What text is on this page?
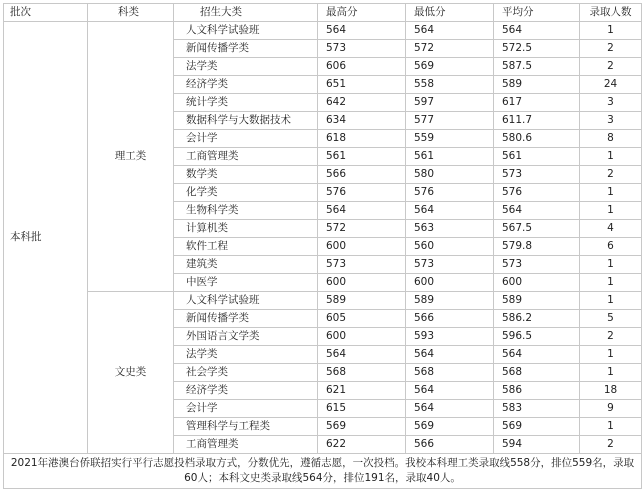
批次	科类	招生大类	最高分	最低分	平均分	录取人数
本科批	理工类	人文科学试验班	564	564	564	1
		新闻传播学类	573	572	572.5	2
		法学类	606	569	587.5	2
		经济学类	651	558	589	24
		统计学类	642	597	617	3
		数据科学与大数据技术	634	577	611.7	3
		会计学	618	559	580.6	8
		工商管理类	561	561	561	1
		数学类	566	580	573	2
		化学类	576	576	576	1
		生物科学类	564	564	564	1
		计算机类	572	563	567.5	4
		软件工程	600	560	579.8	6
		建筑类	573	573	573	1
		中医学	600	600	600	1
	文史类	人文科学试验班	589	589	589	1
		新闻传播学类	605	566	586.2	5
		外国语言文学类	600	593	596.5	2
		法学类	564	564	564	1
		社会学类	568	568	568	1
		经济学类	621	564	586	18
		会计学	615	564	583	9
		管理科学与工程类	569	569	569	1
		工商管理类	622	566	594	2
2021年港澳台侨联招实行平行志愿投档录取方式，分数优先，遵循志愿，一次投档。我校本科理工类录取线558分，排位559名，录取60人；本科文史类录取线564分，排位191名，录取40人。						
